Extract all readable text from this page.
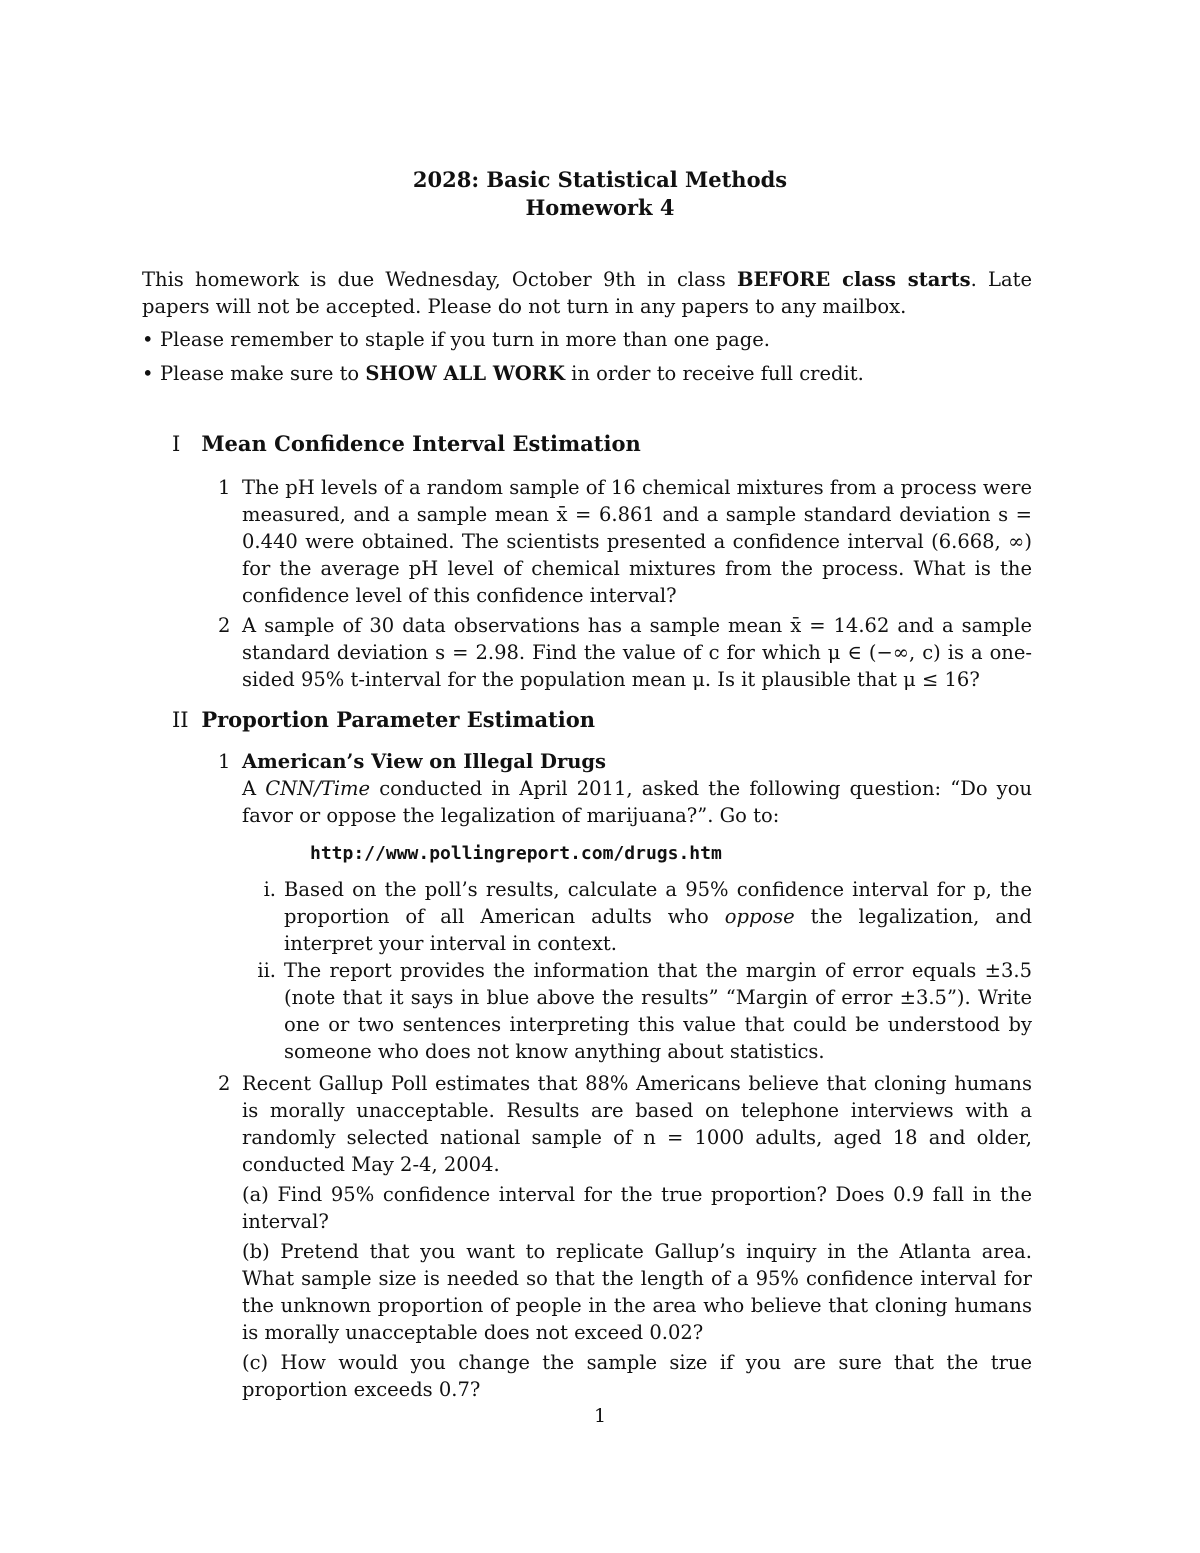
2028: Basic Statistical Methods
Homework 4

This homework is due Wednesday, October 9th in class BEFORE class starts. Late papers will not be accepted. Please do not turn in any papers to any mailbox.

• Please remember to staple if you turn in more than one page.
• Please make sure to SHOW ALL WORK in order to receive full credit.
I Mean Confidence Interval Estimation
1 The pH levels of a random sample of 16 chemical mixtures from a process were measured, and a sample mean x̄ = 6.861 and a sample standard deviation s = 0.440 were obtained. The scientists presented a confidence interval (6.668, ∞) for the average pH level of chemical mixtures from the process. What is the confidence level of this confidence interval?
2 A sample of 30 data observations has a sample mean x̄ = 14.62 and a sample standard deviation s = 2.98. Find the value of c for which μ ∈ (−∞, c) is a one-sided 95% t-interval for the population mean μ. Is it plausible that μ ≤ 16?
II Proportion Parameter Estimation
1 American’s View on Illegal Drugs
A CNN/Time conducted in April 2011, asked the following question: “Do you favor or oppose the legalization of marijuana?”. Go to:
http://www.pollingreport.com/drugs.htm
i. Based on the poll’s results, calculate a 95% confidence interval for p, the proportion of all American adults who oppose the legalization, and interpret your interval in context.
ii. The report provides the information that the margin of error equals ±3.5 (note that it says in blue above the results” “Margin of error ±3.5”). Write one or two sentences interpreting this value that could be understood by someone who does not know anything about statistics.
2 Recent Gallup Poll estimates that 88% Americans believe that cloning humans is morally unacceptable. Results are based on telephone interviews with a randomly selected national sample of n = 1000 adults, aged 18 and older, conducted May 2-4, 2004.

(a) Find 95% confidence interval for the true proportion? Does 0.9 fall in the interval?

(b) Pretend that you want to replicate Gallup’s inquiry in the Atlanta area. What sample size is needed so that the length of a 95% confidence interval for the unknown proportion of people in the area who believe that cloning humans is morally unacceptable does not exceed 0.02?

(c) How would you change the sample size if you are sure that the true proportion exceeds 0.7?

1
